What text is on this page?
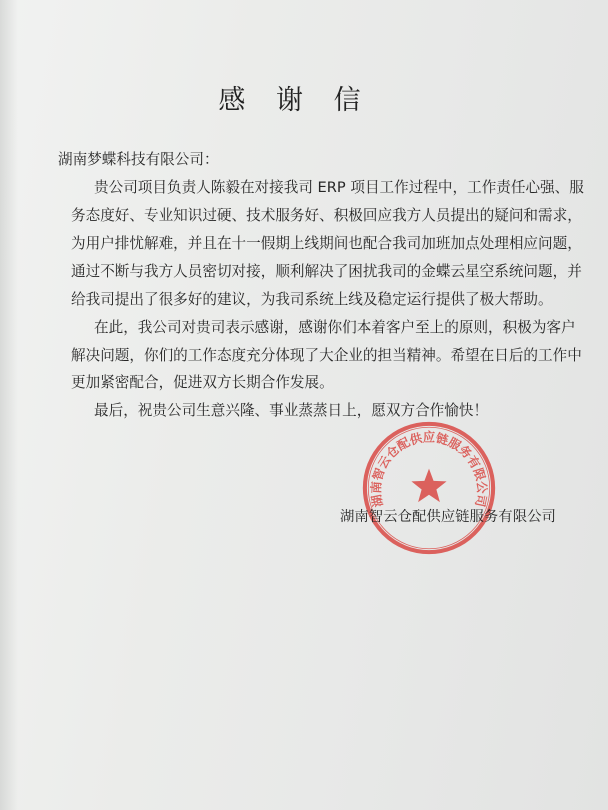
感 谢 信
湖南梦蝶科技有限公司：
贵公司项目负责人陈毅在对接我司 ERP 项目工作过程中，工作责任心强、服
务态度好、专业知识过硬、技术服务好、积极回应我方人员提出的疑问和需求，
为用户排忧解难，并且在十一假期上线期间也配合我司加班加点处理相应问题，
通过不断与我方人员密切对接，顺利解决了困扰我司的金蝶云星空系统问题，并
给我司提出了很多好的建议，为我司系统上线及稳定运行提供了极大帮助。
在此，我公司对贵司表示感谢，感谢你们本着客户至上的原则，积极为客户
解决问题，你们的工作态度充分体现了大企业的担当精神。希望在日后的工作中
更加紧密配合，促进双方长期合作发展。
最后，祝贵公司生意兴隆、事业蒸蒸日上，愿双方合作愉快！
湖南智云仓配供应链服务有限公司
湖南智云仓配供应链服务有限公司
